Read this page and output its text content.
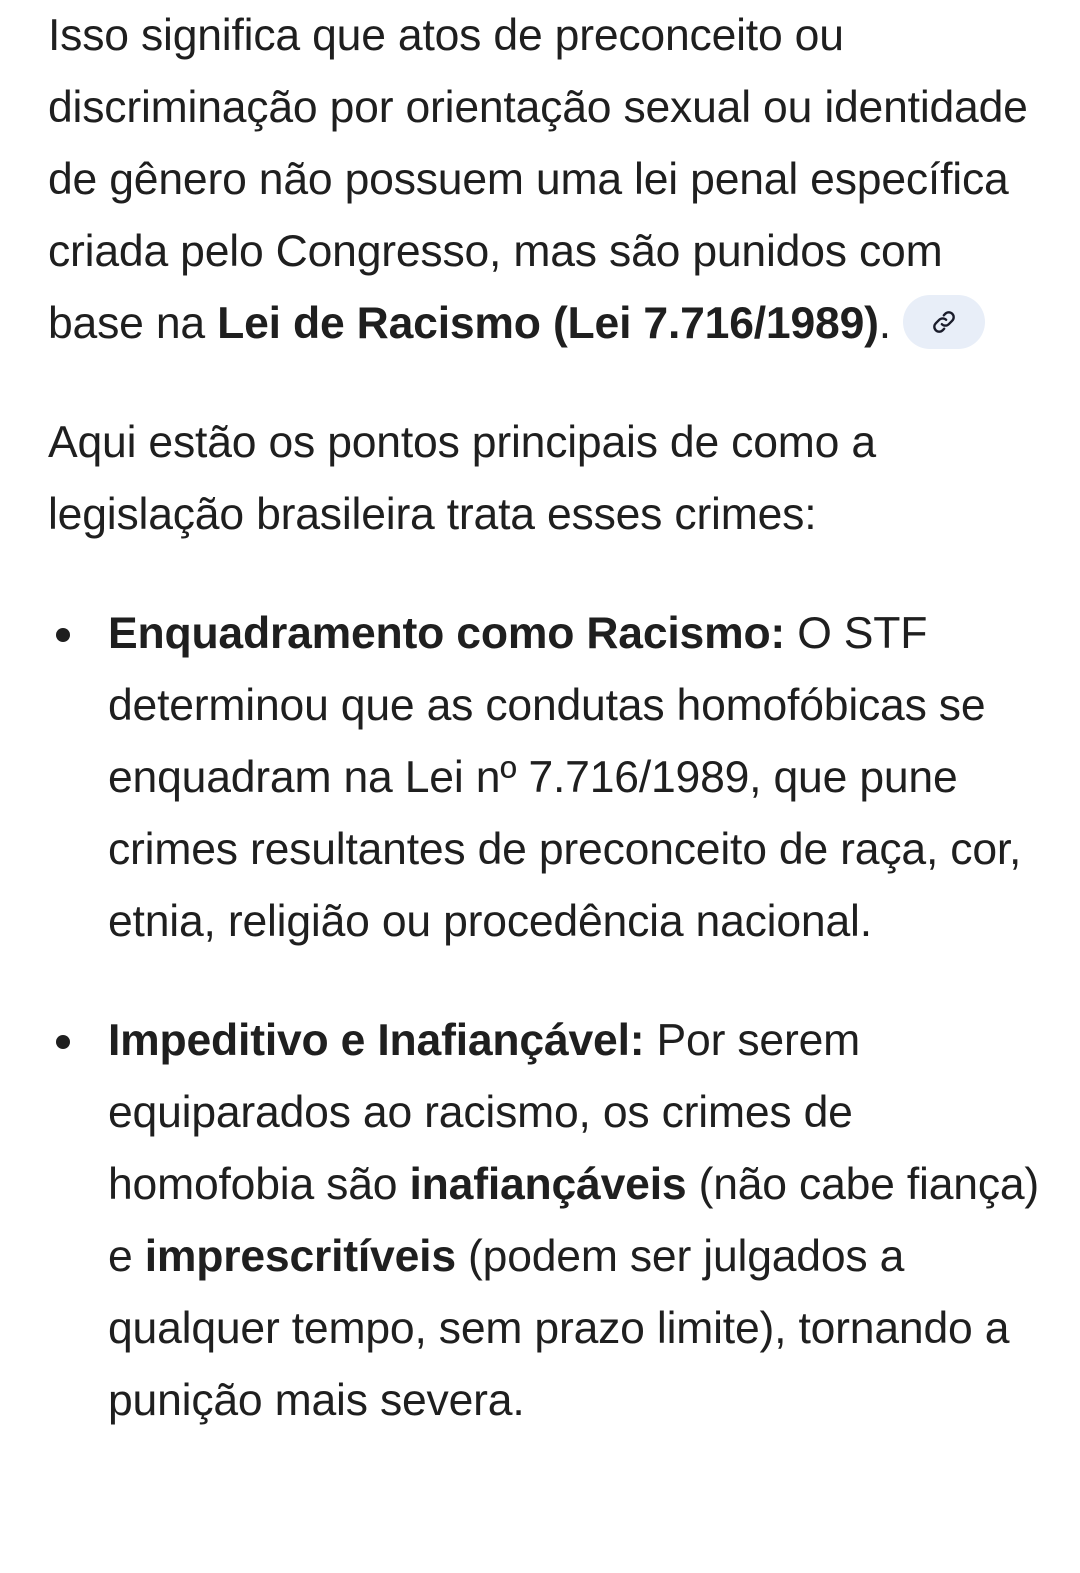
Isso significa que atos de preconceito ou discriminação por orientação sexual ou identidade de gênero não possuem uma lei penal específica criada pelo Congresso, mas são punidos com base na Lei de Racismo (Lei 7.716/1989).

Aqui estão os pontos principais de como a legislação brasileira trata esses crimes:

Enquadramento como Racismo: O STF determinou que as condutas homofóbicas se enquadram na Lei nº 7.716/1989, que pune crimes resultantes de preconceito de raça, cor, etnia, religião ou procedência nacional.
Impeditivo e Inafiançável: Por serem equiparados ao racismo, os crimes de homofobia são inafiançáveis (não cabe fiança) e imprescritíveis (podem ser julgados a qualquer tempo, sem prazo limite), tornando a punição mais severa.
